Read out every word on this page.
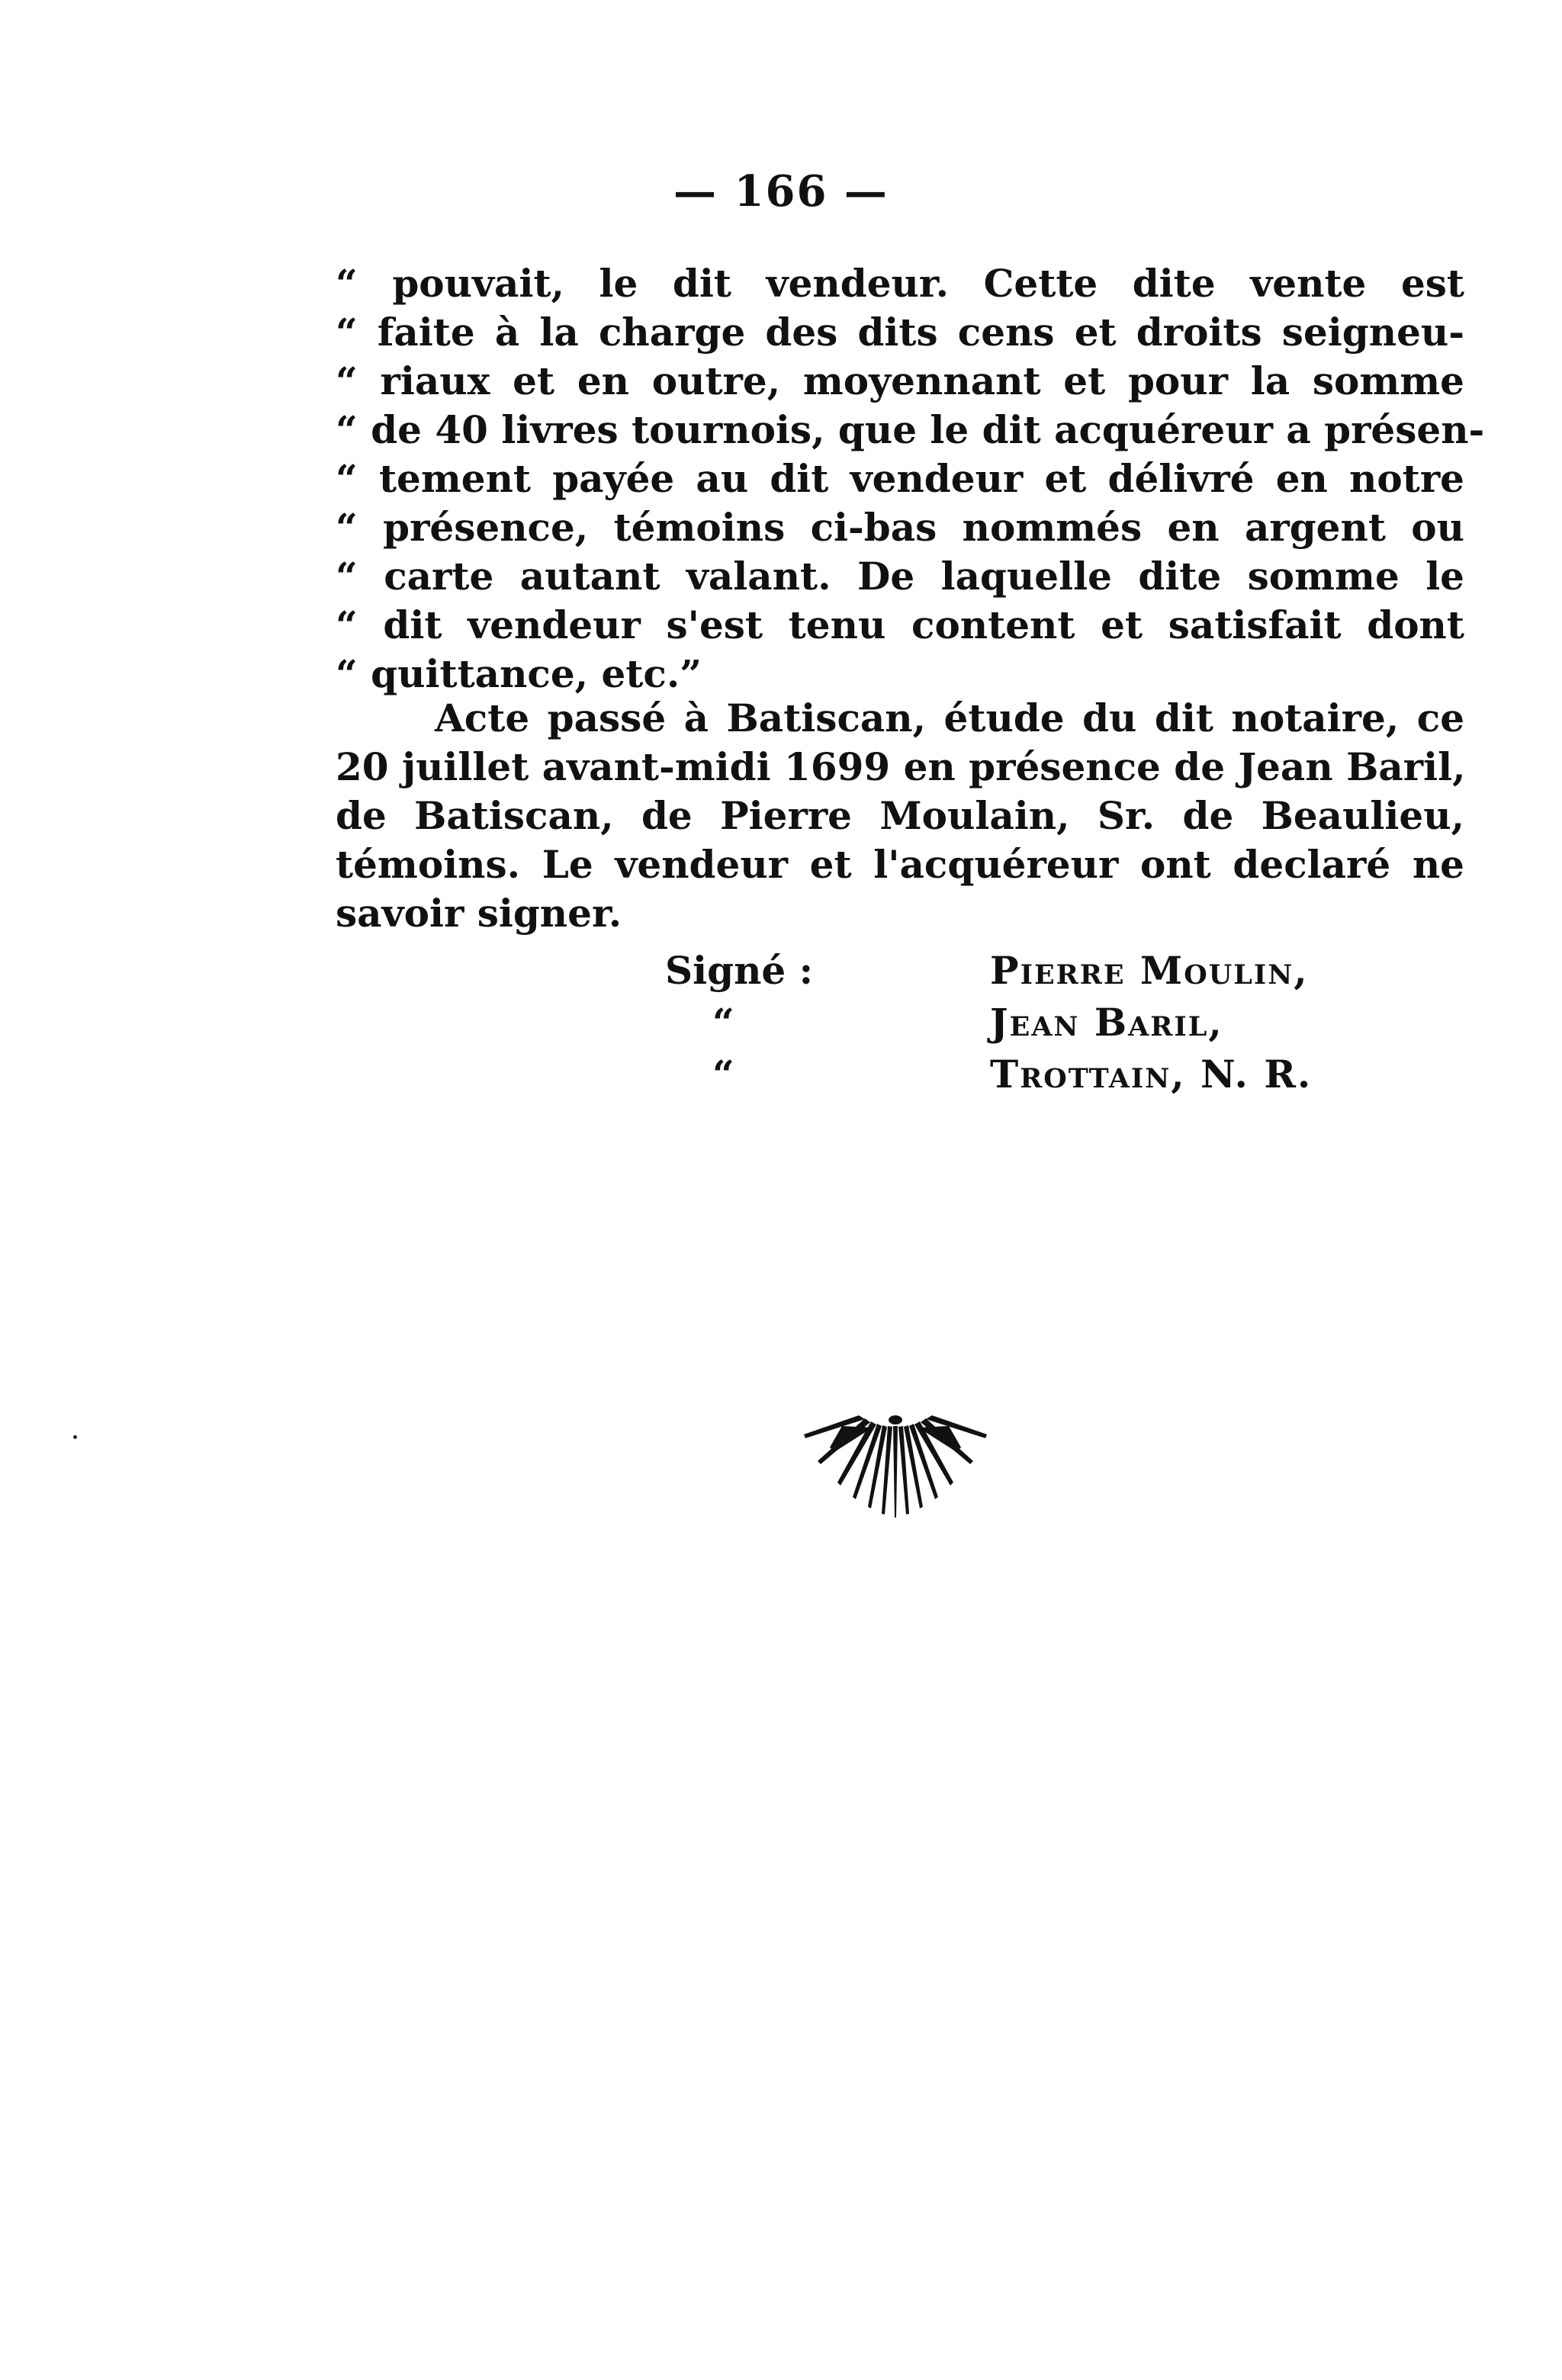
— 166 —
“ pouvait, le dit vendeur. Cette dite vente est
“ faite à la charge des dits cens et droits seigneu-
“ riaux et en outre, moyennant et pour la somme
“ de 40 livres tournois, que le dit acquéreur a présen-
“ tement payée au dit vendeur et délivré en notre
“ présence, témoins ci-bas nommés en argent ou
“ carte autant valant. De laquelle dite somme le
“ dit vendeur s'est tenu content et satisfait dont
“ quittance, etc.”
Acte passé à Batiscan, étude du dit notaire, ce
20 juillet avant-midi 1699 en présence de Jean Baril,
de Batiscan, de Pierre Moulain, Sr. de Beaulieu,
témoins. Le vendeur et l'acquéreur ont declaré ne
savoir signer.
Signé :	Pierre Moulin,
“	Jean Baril,
“	Trottain, N. R.
